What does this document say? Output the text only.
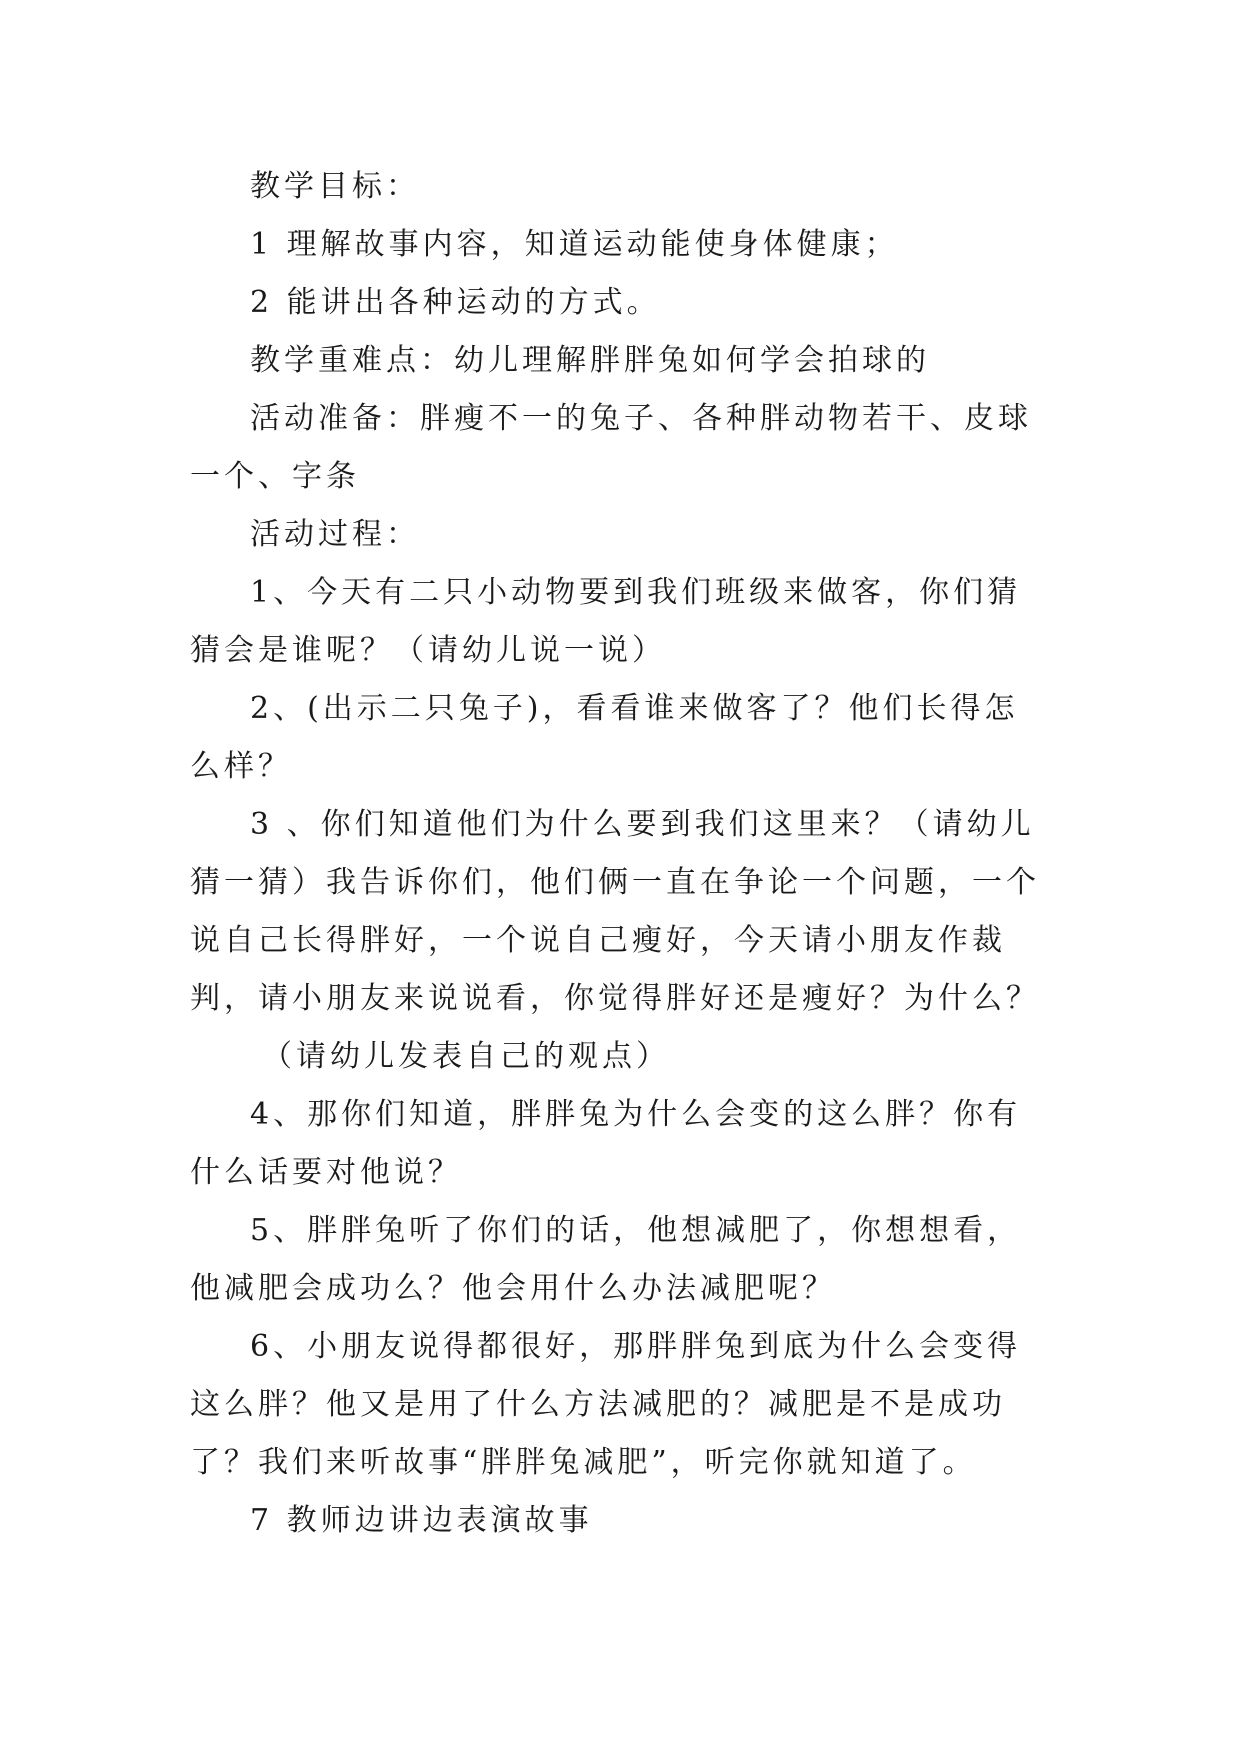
教学目标：

1 理解故事内容，知道运动能使身体健康；

2 能讲出各种运动的方式。

教学重难点：幼儿理解胖胖兔如何学会拍球的

活动准备：胖瘦不一的兔子、各种胖动物若干、皮球一个、字条

活动过程：

1、今天有二只小动物要到我们班级来做客，你们猜猜会是谁呢？（请幼儿说一说）

2、(出示二只兔子)，看看谁来做客了？他们长得怎么样？

3 、你们知道他们为什么要到我们这里来？（请幼儿猜一猜）我告诉你们，他们俩一直在争论一个问题，一个说自己长得胖好，一个说自己瘦好，今天请小朋友作裁判，请小朋友来说说看，你觉得胖好还是瘦好？为什么？

（请幼儿发表自己的观点）

4、那你们知道，胖胖兔为什么会变的这么胖？你有什么话要对他说？

5、胖胖兔听了你们的话，他想减肥了，你想想看，他减肥会成功么？他会用什么办法减肥呢？

6、小朋友说得都很好，那胖胖兔到底为什么会变得这么胖？他又是用了什么方法减肥的？减肥是不是成功了？我们来听故事“胖胖兔减肥”，听完你就知道了。

7 教师边讲边表演故事
